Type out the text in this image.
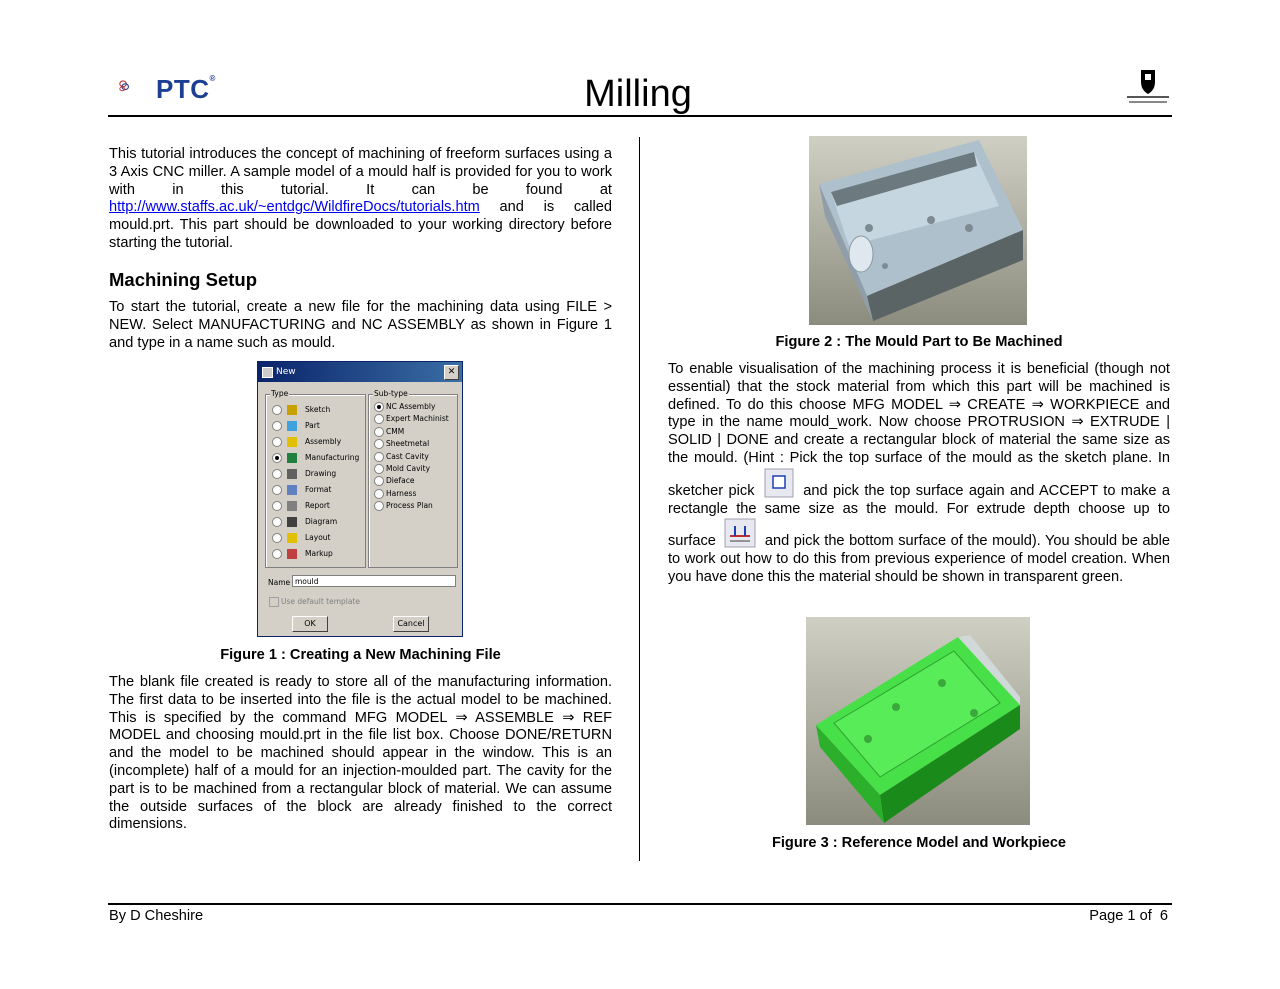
PTC®	Milling
This tutorial introduces the concept of machining of freeform surfaces using a 3 Axis CNC miller. A sample model of a mould half is provided for you to work with in this tutorial. It can be found at http://www.staffs.ac.uk/~entdgc/WildfireDocs/tutorials.htm and is called mould.prt. This part should be downloaded to your working directory before starting the tutorial.
Machining Setup
To start the tutorial, create a new file for the machining data using FILE > NEW. Select MANUFACTURING and NC ASSEMBLY as shown in Figure 1 and type in a name such as mould.
New	✕
Type
Sketch
Part
Assembly
Manufacturing
Drawing
Format
Report
Diagram
Layout
Markup
Sub-type
NC Assembly
Expert Machinist
CMM
Sheetmetal
Cast Cavity
Mold Cavity
Dieface
Harness
Process Plan
Name mould
Use default template
OK	Cancel
Figure 1 : Creating a New Machining File
The blank file created is ready to store all of the manufacturing information. The first data to be inserted into the file is the actual model to be machined. This is specified by the command MFG MODEL ⇒ ASSEMBLE ⇒ REF MODEL and choosing mould.prt in the file list box. Choose DONE/RETURN and the model to be machined should appear in the window. This is an (incomplete) half of a mould for an injection-moulded part. The cavity for the part is to be machined from a rectangular block of material. We can assume the outside surfaces of the block are already finished to the correct dimensions.
Figure 2 : The Mould Part to Be Machined
To enable visualisation of the machining process it is beneficial (though not essential) that the stock material from which this part will be machined is defined. To do this choose MFG MODEL ⇒ CREATE ⇒ WORKPIECE and type in the name mould_work. Now choose PROTRUSION ⇒ EXTRUDE | SOLID | DONE and create a rectangular block of material the same size as the mould. (Hint : Pick the top surface of the mould as the sketch plane. In sketcher pick	and pick the top surface again and ACCEPT to make a rectangle the same size as the mould. For extrude depth choose up to surface	and pick the bottom surface of the mould). You should be able to work out how to do this from previous experience of model creation. When you have done this the material should be shown in transparent green.
Figure 3 : Reference Model and Workpiece
By D Cheshire	Page 1 of  6
